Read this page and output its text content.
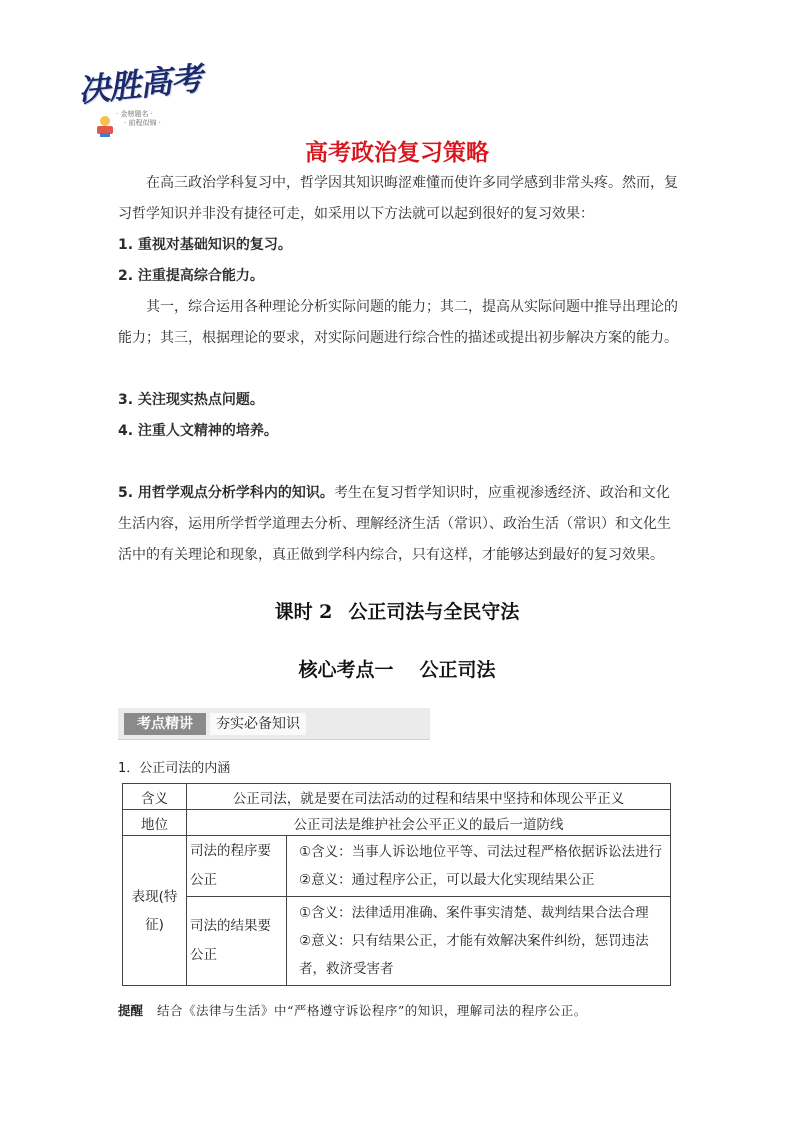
决胜高考
· 金榜题名 ·
· 前程似锦 ·
高考政治复习策略
在高三政治学科复习中，哲学因其知识晦涩难懂而使许多同学感到非常头疼。然而，复习哲学知识并非没有捷径可走，如采用以下方法就可以起到很好的复习效果：
1. 重视对基础知识的复习。
2. 注重提高综合能力。
其一，综合运用各种理论分析实际问题的能力；其二，提高从实际问题中推导出理论的能力；其三，根据理论的要求，对实际问题进行综合性的描述或提出初步解决方案的能力。
3. 关注现实热点问题。
4. 注重人文精神的培养。
5. 用哲学观点分析学科内的知识。考生在复习哲学知识时，应重视渗透经济、政治和文化生活内容，运用所学哲学道理去分析、理解经济生活（常识）、政治生活（常识）和文化生活中的有关理论和现象，真正做到学科内综合，只有这样，才能够达到最好的复习效果。
课时 2 公正司法与全民守法
核心考点一 公正司法
考点精讲	夯实必备知识
1．公正司法的内涵
含义	公正司法，就是要在司法活动的过程和结果中坚持和体现公平正义	
地位	公正司法是维护社会公平正义的最后一道防线	
表现(特征)	司法的程序要公正	①含义：当事人诉讼地位平等、司法过程严格依据诉讼法进行
②意义：通过程序公正，可以最大化实现结果公正

	司法的结果要公正	①含义：法律适用准确、案件事实清楚、裁判结果合法合理
②意义：只有结果公正，才能有效解决案件纠纷，惩罚违法者，救济受害者
提醒 结合《法律与生活》中“严格遵守诉讼程序”的知识，理解司法的程序公正。
